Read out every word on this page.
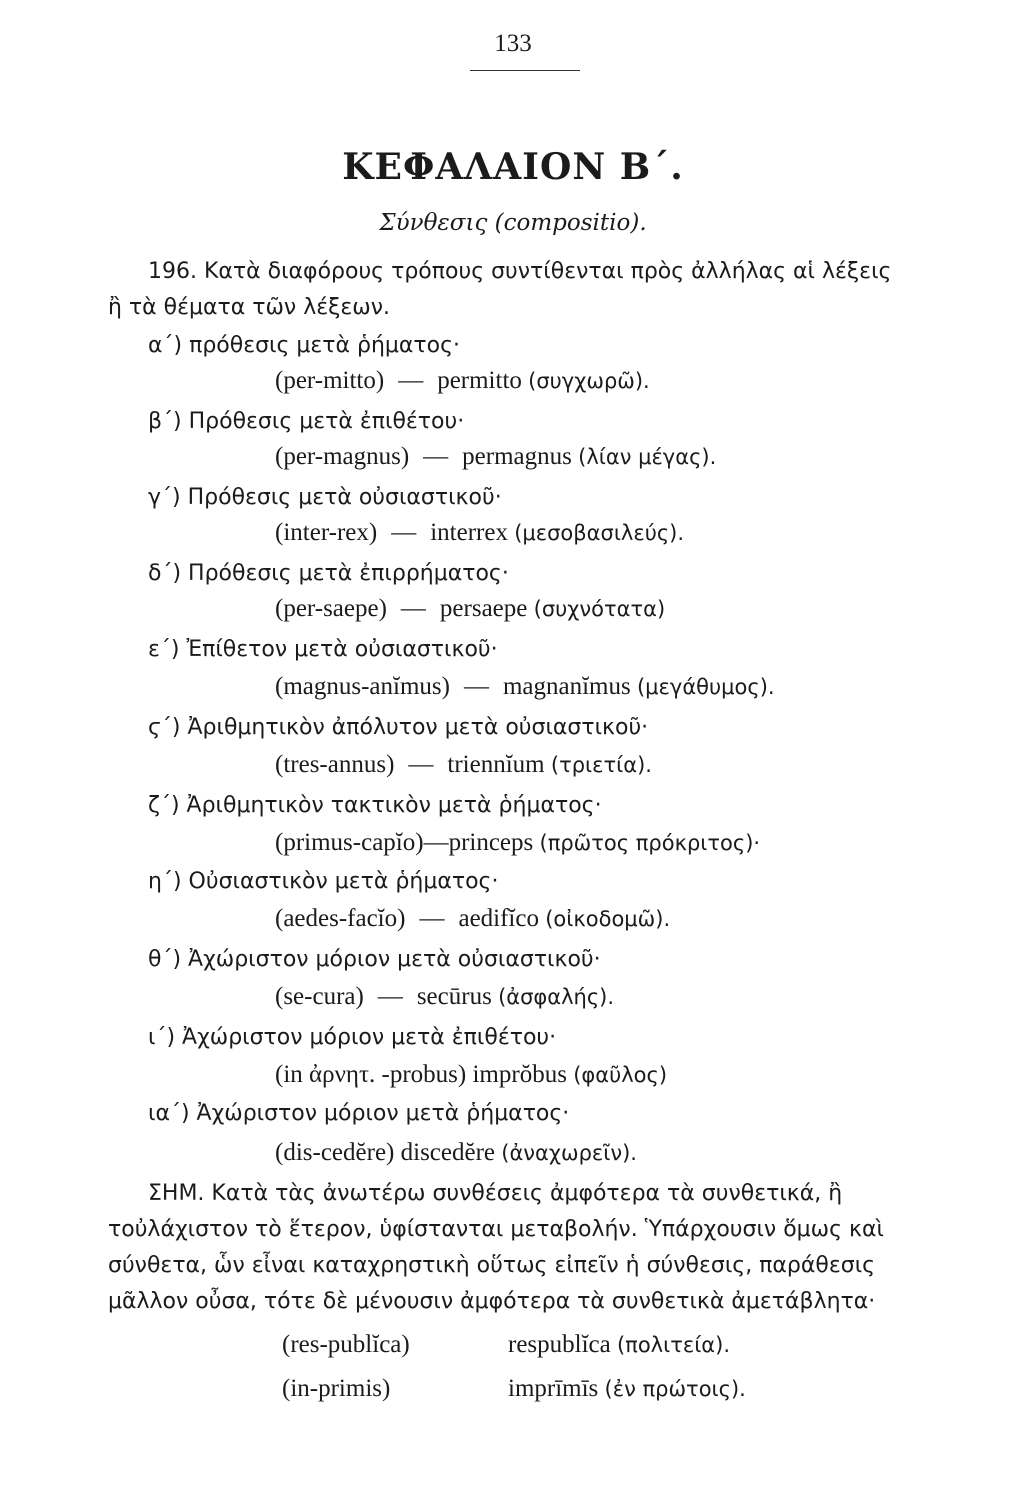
133
ΚΕΦΑΛΑΙΟΝ Β΄.
Σύνθεσις (compositio).
196. Κατὰ διαφόρους τρόπους συντίθενται πρὸς ἀλλήλας αἱ λέξεις
ἢ τὰ θέματα τῶν λέξεων.
α΄) πρόθεσις μετὰ ῥήματος·
(per-mitto) — permitto (συγχωρῶ).
β΄) Πρόθεσις μετὰ ἐπιθέτου·
(per-magnus) — permagnus (λίαν μέγας).
γ΄) Πρόθεσις μετὰ οὐσιαστικοῦ·
(inter-rex) — interrex (μεσοβασιλεύς).
δ΄) Πρόθεσις μετὰ ἐπιρρήματος·
(per-saepe) — persaepe (συχνότατα)
ε΄) Ἐπίθετον μετὰ οὐσιαστικοῦ·
(magnus-anĭmus) — magnanĭmus (μεγάθυμος).
ϛ΄) Ἀριθμητικὸν ἀπόλυτον μετὰ οὐσιαστικοῦ·
(tres-annus) — triennĭum (τριετία).
ζ΄) Ἀριθμητικὸν τακτικὸν μετὰ ῥήματος·
(primus-capĭo)—princeps (πρῶτος πρόκριτος)·
η΄) Οὐσιαστικὸν μετὰ ῥήματος·
(aedes-facĭo) — aedifĭco (οἰκοδομῶ).
θ΄) Ἀχώριστον μόριον μετὰ οὐσιαστικοῦ·
(se-cura) — secūrus (ἀσφαλής).
ι΄) Ἀχώριστον μόριον μετὰ ἐπιθέτου·
(in ἀρνητ. -probus) imprŏbus (φαῦλος)
ια΄) Ἀχώριστον μόριον μετὰ ῥήματος·
(dis-cedĕre) discedĕre (ἀναχωρεῖν).
ΣΗΜ. Κατὰ τὰς ἀνωτέρω συνθέσεις ἀμφότερα τὰ συνθετικά, ἢ
τοὐλάχιστον τὸ ἕτερον, ὑφίστανται μεταβολήν. Ὑπάρχουσιν ὅμως καὶ
σύνθετα, ὧν εἶναι καταχρηστικὴ οὕτως εἰπεῖν ἡ σύνθεσις, παράθεσις
μᾶλλον οὖσα, τότε δὲ μένουσιν ἀμφότερα τὰ συνθετικὰ ἀμετάβλητα·
(res-publĭca)	respublĭca (πολιτεία).
(in-primis)	imprīmīs (ἐν πρώτοις).
